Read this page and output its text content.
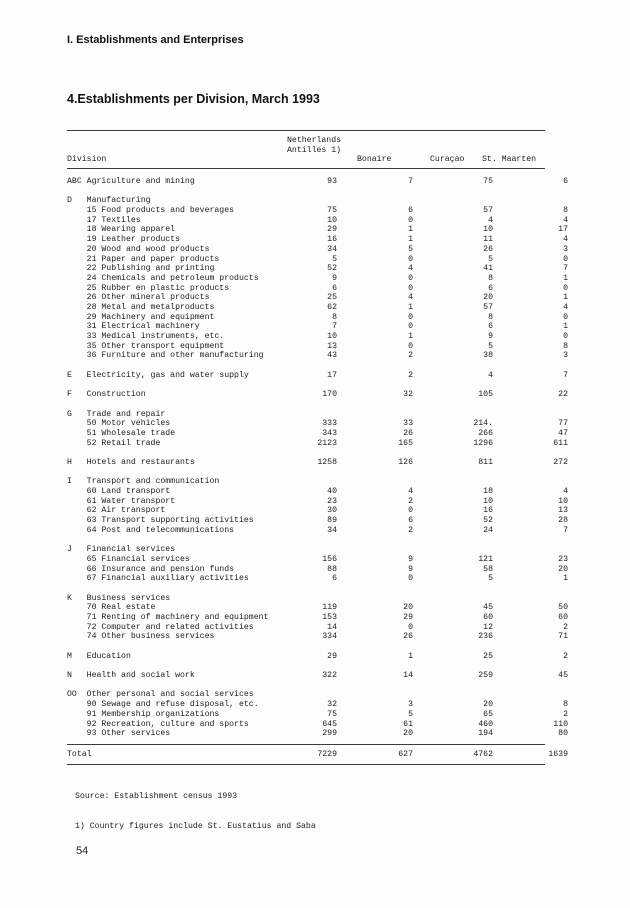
I. Establishments and Enterprises
4.Establishments per Division, March 1993
Division
Netherlands
Antilles 1)
Bonaire	Curaçao St. Maarten
ABC Agriculture and mining	93	7	75	6
D   Manufacturing
15 Food products and beverages	75	6	57	8
17 Textiles	10	0	4	4
18 Wearing apparel	29	1	10	17
19 Leather products	16	1	11	4
20 Wood and wood products	34	5	26	3
21 Paper and paper products	5	0	5	0
22 Publishing and printing	52	4	41	7
24 Chemicals and petroleum products	9	0	8	1
25 Rubber en plastic products	6	0	6	0
26 Other mineral products	25	4	20	1
28 Metal and metalproducts	62	1	57	4
29 Machinery and equipment	8	0	8	0
31 Electrical machinery	7	0	6	1
33 Medical instruments, etc.	10	1	9	0
35 Other transport equipment	13	0	5	8
36 Furniture and other manufacturing	43	2	38	3
E   Electricity, gas and water supply	17	2	4	7
F   Construction	170	32	105	22
G   Trade and repair
50 Motor vehicles	333	33	214.	77
51 Wholesale trade	343	26	266	47
52 Retail trade	2123	165	1296	611
H   Hotels and restaurants	1258	126	811	272
I   Transport and communication
60 Land transport	40	4	18	4
61 Water transport	23	2	10	10
62 Air transport	30	0	16	13
63 Transport supporting activities	89	6	52	28
64 Post and telecommunications	34	2	24	7
J   Financial services
65 Financial services	156	9	121	23
66 Insurance and pension funds	88	9	58	20
67 Financial auxiliary activities	6	0	5	1
K   Business services
70 Real estate	119	20	45	50
71 Renting of machinery and equipment	153	29	60	60
72 Computer and related activities	14	0	12	2
74 Other business services	334	26	236	71
M   Education	29	1	25	2
N   Health and social work	322	14	259	45
OO  Other personal and social services
90 Sewage and refuse disposal, etc.	32	3	20	8
91 Membership organizations	75	5	65	2
92 Recreation, culture and sports	645	61	460	110
93 Other services	299	20	194	80
Total	7229	627	4762	1639

Source: Establishment census 1993

1) Country figures include St. Eustatius and Saba

54
